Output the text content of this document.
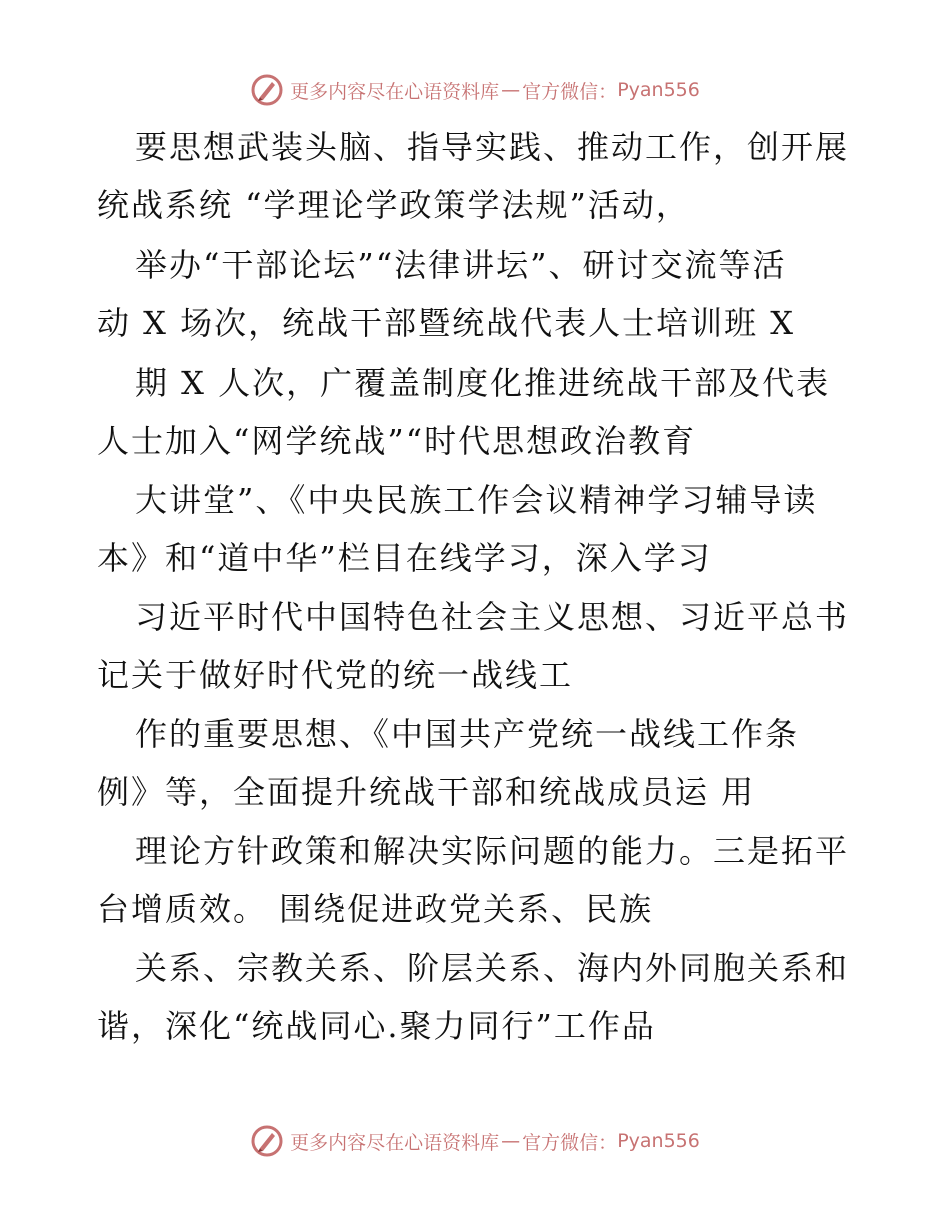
更多内容尽在心语资料库 — 官方微信： Pyan556
要思想武装头脑、指导实践、推动工作，创开展
统战系统 “学理论学政策学法规”活动，
举办“干部论坛”“法律讲坛”、研讨交流等活
动 X 场次，统战干部暨统战代表人士培训班 X
期 X 人次，广覆盖制度化推进统战干部及代表
人士加入“网学统战”“时代思想政治教育
大讲堂”、《中央民族工作会议精神学习辅导读
本》和“道中华”栏目在线学习，深入学习
习近平时代中国特色社会主义思想、习近平总书
记关于做好时代党的统一战线工
作的重要思想、《中国共产党统一战线工作条
例》等，全面提升统战干部和统战成员运 用
理论方针政策和解决实际问题的能力。三是拓平
台增质效。 围绕促进政党关系、民族
关系、宗教关系、阶层关系、海内外同胞关系和
谐，深化“统战同心.聚力同行”工作品
更多内容尽在心语资料库 — 官方微信： Pyan556
